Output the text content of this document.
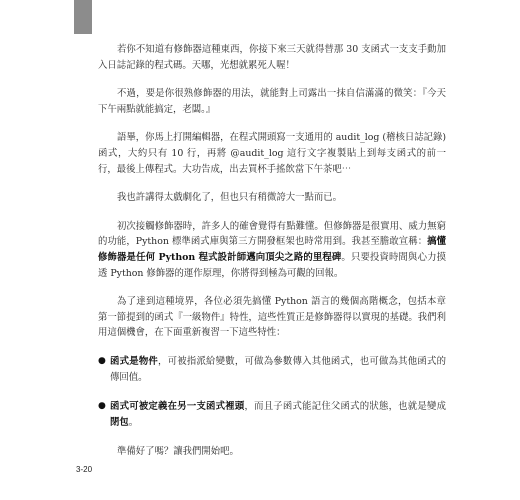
若你不知道有修飾器這種東西，你接下來三天就得替那 30 支函式一支支手動加入日誌記錄的程式碼。天哪，光想就累死人喔！

不過，要是你很熟修飾器的用法，就能對上司露出一抹自信滿滿的微笑：『今天下午兩點就能搞定，老闆。』

語畢，你馬上打開編輯器，在程式開頭寫一支通用的 audit_log (稽核日誌記錄) 函式，大約只有 10 行，再將 @audit_log 這行文字複製貼上到每支函式的前一行，最後上傳程式。大功告成，出去買杯手搖飲當下午茶吧⋯

我也許講得太戲劇化了，但也只有稍微誇大一點而已。

初次接觸修飾器時，許多人的確會覺得有點難懂。但修飾器是很實用、威力無窮的功能，Python 標準函式庫與第三方開發框架也時常用到。我甚至膽敢宣稱：搞懂修飾器是任何 Python 程式設計師邁向頂尖之路的里程碑。只要投資時間與心力摸透 Python 修飾器的運作原理，你將得到極為可觀的回報。

為了達到這種境界，各位必須先搞懂 Python 語言的幾個高階概念，包括本章第一節提到的函式『一級物件』特性，這些性質正是修飾器得以實現的基礎。我們利用這個機會，在下面重新複習一下這些特性：

● 函式是物件，可被指派給變數，可做為參數傳入其他函式，也可做為其他函式的傳回值。
● 函式可被定義在另一支函式裡頭，而且子函式能記住父函式的狀態，也就是變成閉包。

準備好了嗎？讓我們開始吧。

3-20
